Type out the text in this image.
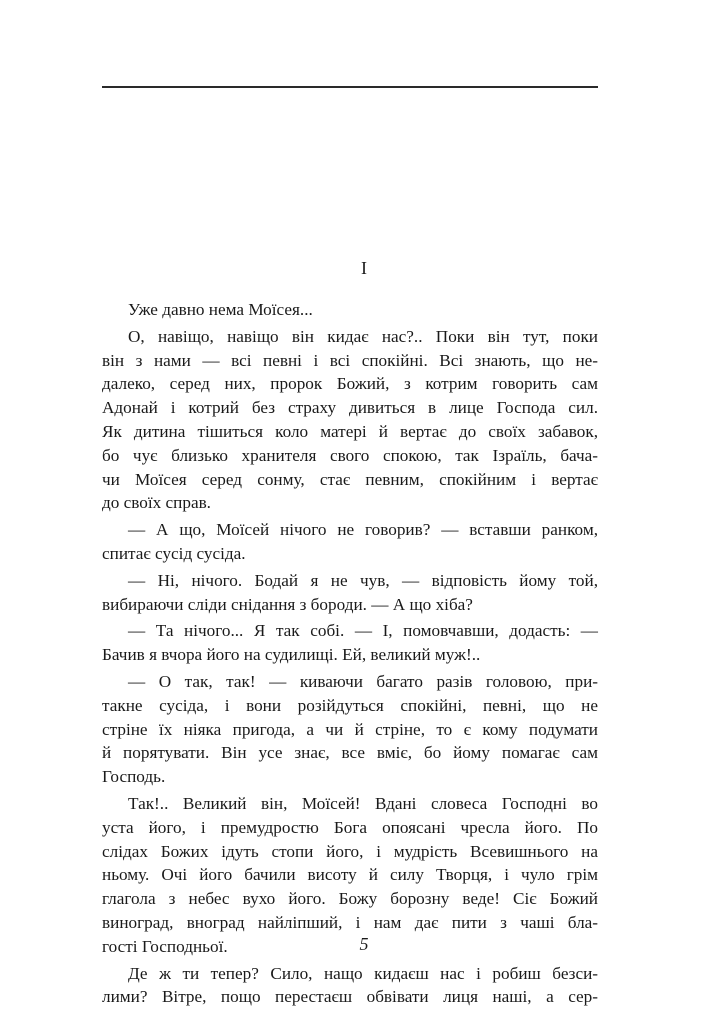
I
Уже давно нема Моїсея...
О, навіщо, навіщо він кидає нас?.. Поки він тут, поки
він з нами — всі певні і всі спокійні. Всі знають, що не-
далеко, серед них, пророк Божий, з котрим говорить сам
Адонай і котрий без страху дивиться в лице Господа сил.
Як дитина тішиться коло матері й вертає до своїх забавок,
бо чує близько хранителя свого спокою, так Ізраїль, бача-
чи Моїсея серед сонму, стає певним, спокійним і вертає
до своїх справ.
— А що, Моїсей нічого не говорив? — вставши ранком,
спитає сусід сусіда.
— Ні, нічого. Бодай я не чув, — відповість йому той,
вибираючи сліди снідання з бороди. — А що хіба?
— Та нічого... Я так собі. — І, помовчавши, додасть: —
Бачив я вчора його на судилищі. Ей, великий муж!..
— О так, так! — киваючи багато разів головою, при-
такне сусіда, і вони розійдуться спокійні, певні, що не
стріне їх ніяка пригода, а чи й стріне, то є кому подумати
й порятувати. Він усе знає, все вміє, бо йому помагає сам
Господь.
Так!.. Великий він, Моїсей! Вдані словеса Господні во
уста його, і премудростю Бога опоясані чресла його. По
слідах Божих ідуть стопи його, і мудрість Всевишнього на
ньому. Очі його бачили висоту й силу Творця, і чуло грім
глагола з небес вухо його. Божу борозну веде! Сіє Божий
виноград, вноград найліпший, і нам дає пити з чаші бла-
гості Господньої.
Де ж ти тепер? Сило, нащо кидаєш нас і робиш безси-
лими? Вітре, пощо перестаєш обвівати лиця наші, а сер-
5
